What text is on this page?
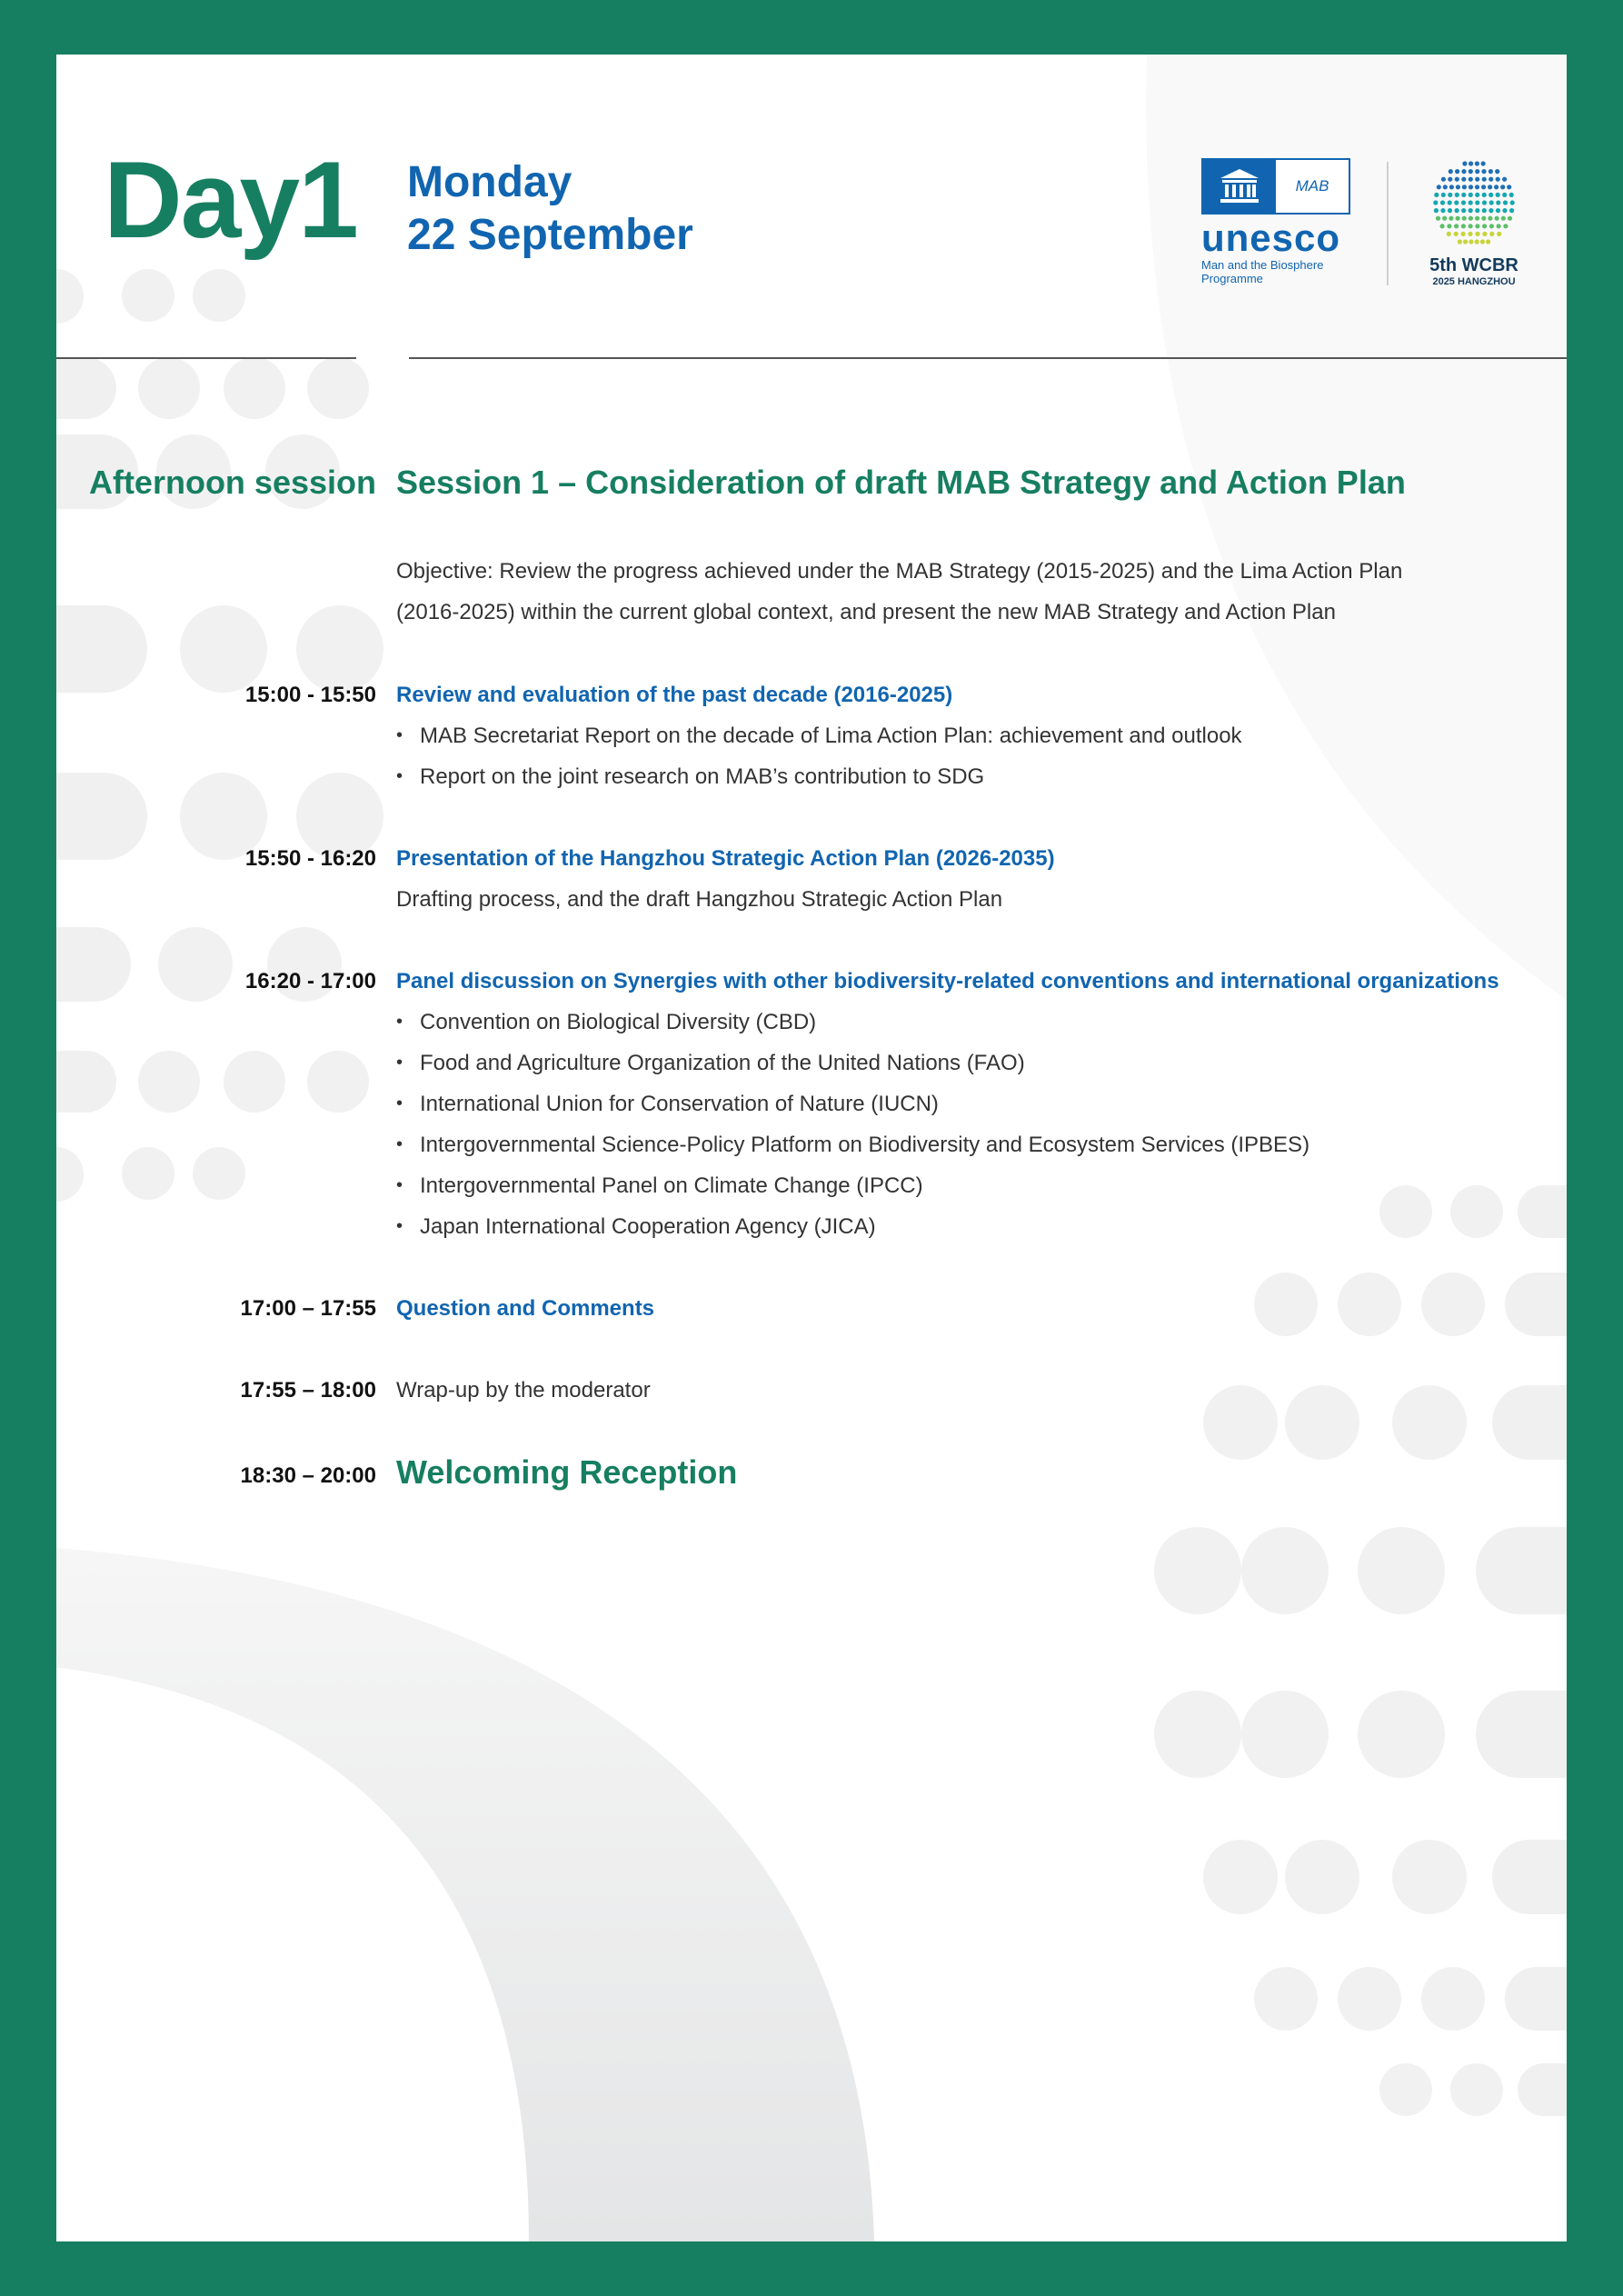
Day1 Monday
22 September
MAB
unesco
Man and the Biosphere
Programme
5th WCBR
2025 HANGZHOU
Afternoon session Session 1 – Consideration of draft MAB Strategy and Action Plan
Objective: Review the progress achieved under the MAB Strategy (2015-2025) and the Lima Action Plan
(2016-2025) within the current global context, and present the new MAB Strategy and Action Plan
15:00 - 15:50 Review and evaluation of the past decade (2016-2025)
• MAB Secretariat Report on the decade of Lima Action Plan: achievement and outlook
• Report on the joint research on MAB’s contribution to SDG
15:50 - 16:20 Presentation of the Hangzhou Strategic Action Plan (2026-2035)
Drafting process, and the draft Hangzhou Strategic Action Plan
16:20 - 17:00 Panel discussion on Synergies with other biodiversity-related conventions and international organizations
• Convention on Biological Diversity (CBD)
• Food and Agriculture Organization of the United Nations (FAO)
• International Union for Conservation of Nature (IUCN)
• Intergovernmental Science-Policy Platform on Biodiversity and Ecosystem Services (IPBES)
• Intergovernmental Panel on Climate Change (IPCC)
• Japan International Cooperation Agency (JICA)
17:00 – 17:55 Question and Comments
17:55 – 18:00 Wrap-up by the moderator
18:30 – 20:00 Welcoming Reception
